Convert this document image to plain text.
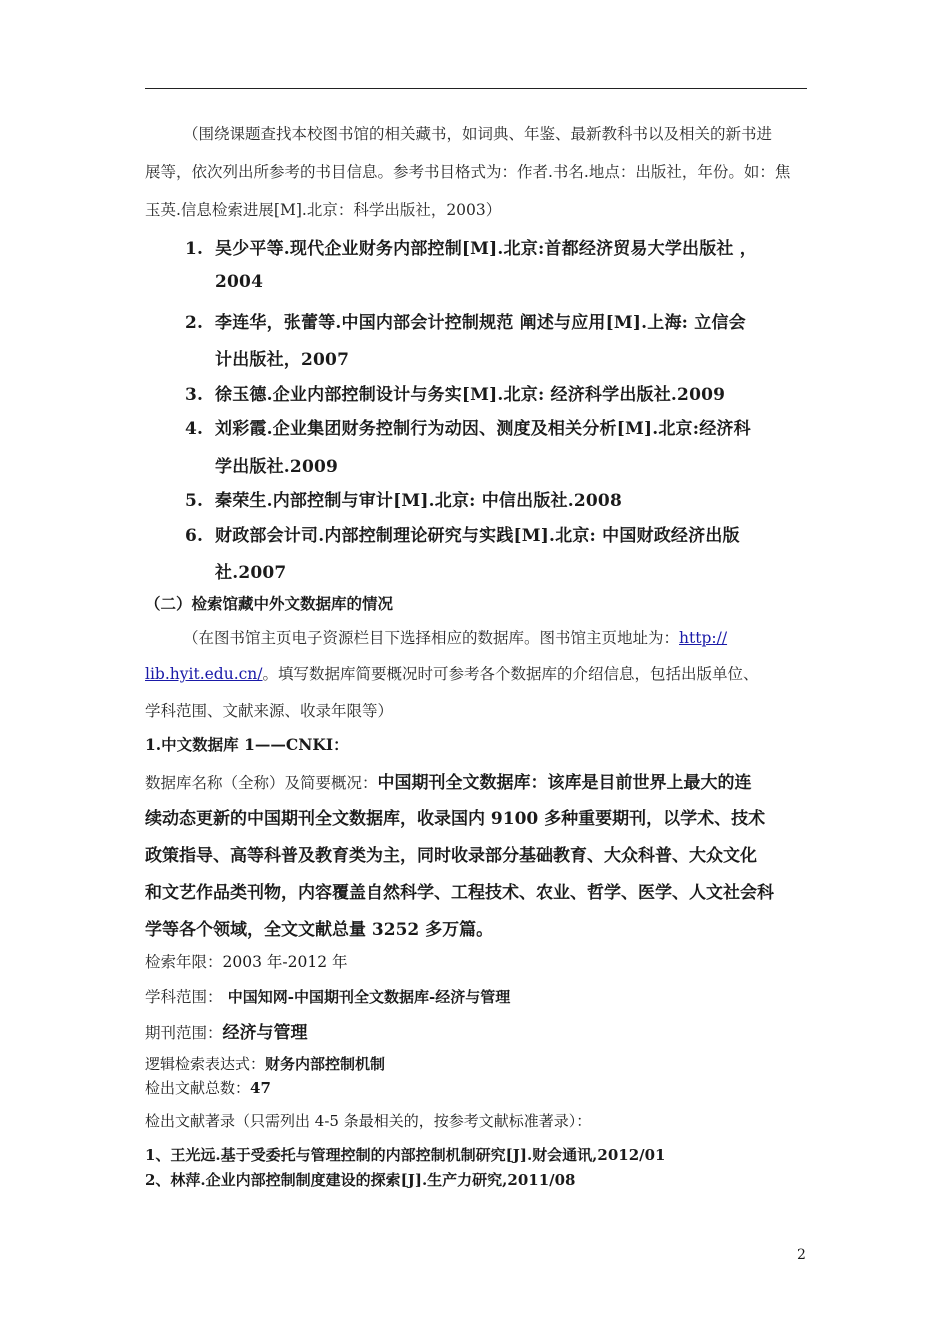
（围绕课题查找本校图书馆的相关藏书，如词典、年鉴、最新教科书以及相关的新书进
展等，依次列出所参考的书目信息。参考书目格式为：作者.书名.地点：出版社，年份。如：焦
玉英.信息检索进展[M].北京：科学出版社，2003）
1. 吴少平等.现代企业财务内部控制[M].北京:首都经济贸易大学出版社 ，
2004
2. 李连华，张蕾等.中国内部会计控制规范 阐述与应用[M].上海: 立信会
计出版社，2007
3. 徐玉德.企业内部控制设计与务实[M].北京: 经济科学出版社.2009
4. 刘彩霞.企业集团财务控制行为动因、测度及相关分析[M].北京:经济科
学出版社.2009
5. 秦荣生.内部控制与审计[M].北京: 中信出版社.2008
6. 财政部会计司.内部控制理论研究与实践[M].北京: 中国财政经济出版
社.2007
（二）检索馆藏中外文数据库的情况
（在图书馆主页电子资源栏目下选择相应的数据库。图书馆主页地址为：http://
lib.hyit.edu.cn/。填写数据库简要概况时可参考各个数据库的介绍信息，包括出版单位、
学科范围、文献来源、收录年限等）
1.中文数据库 1——CNKI：
数据库名称（全称）及简要概况：中国期刊全文数据库：该库是目前世界上最大的连
续动态更新的中国期刊全文数据库，收录国内 9100 多种重要期刊，以学术、技术
政策指导、高等科普及教育类为主，同时收录部分基础教育、大众科普、大众文化
和文艺作品类刊物，内容覆盖自然科学、工程技术、农业、哲学、医学、人文社会科
学等各个领域，全文文献总量 3252 多万篇。
检索年限：2003 年-2012 年
学科范围： 中国知网-中国期刊全文数据库-经济与管理
期刊范围：经济与管理
逻辑检索表达式：财务内部控制机制
检出文献总数：47
检出文献著录（只需列出 4-5 条最相关的，按参考文献标准著录）：
1、王光远.基于受委托与管理控制的内部控制机制研究[J].财会通讯,2012/01
2、林萍.企业内部控制制度建设的探索[J].生产力研究,2011/08
2
